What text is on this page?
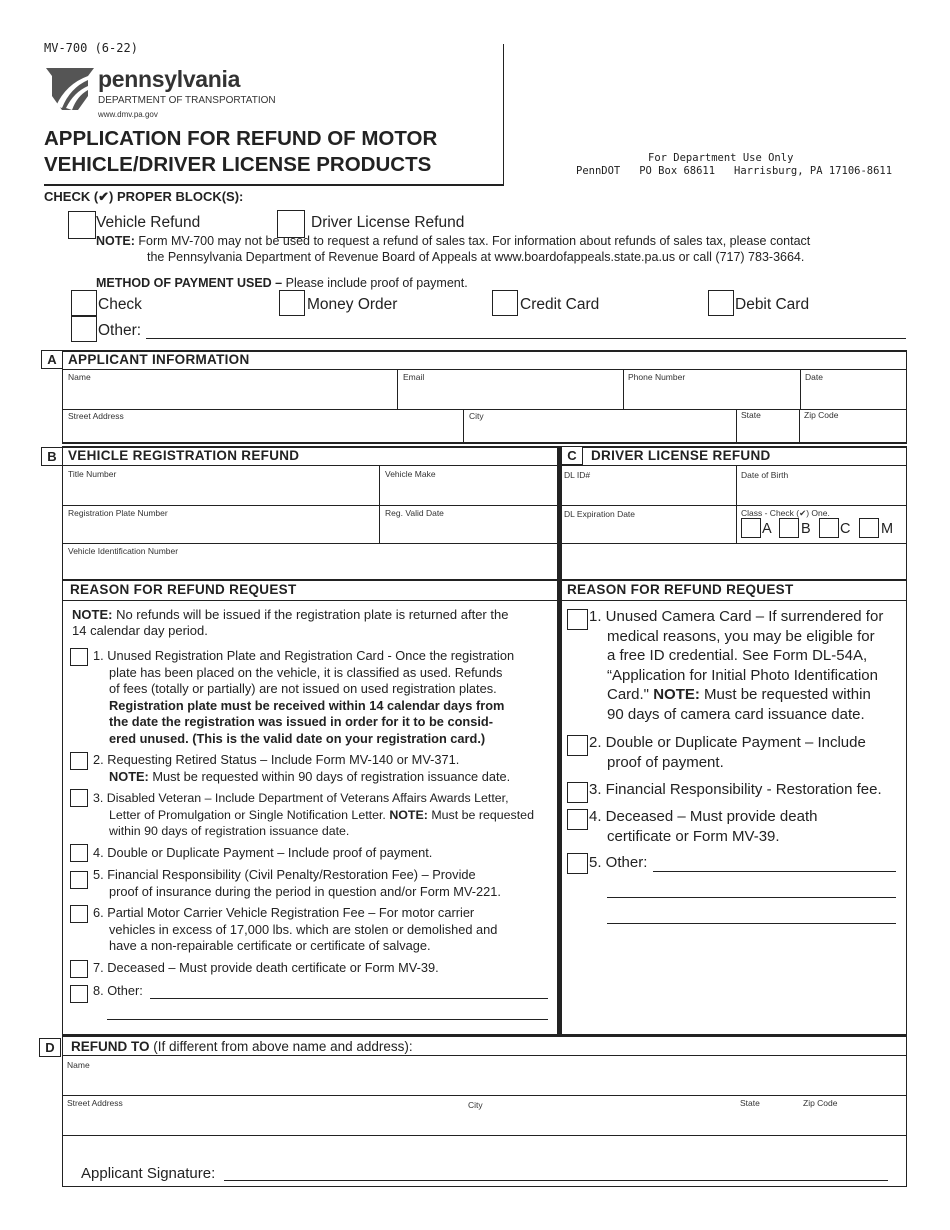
MV-700 (6-22)
pennsylvania
DEPARTMENT OF TRANSPORTATION
www.dmv.pa.gov
APPLICATION FOR REFUND OF MOTOR
VEHICLE/DRIVER LICENSE PRODUCTS	For Department Use Only
PennDOT   PO Box 68611   Harrisburg, PA 17106-8611
CHECK (✔) PROPER BLOCK(S):
Vehicle Refund	Driver License Refund
NOTE: Form MV-700 may not be used to request a refund of sales tax. For information about refunds of sales tax, please contact
the Pennsylvania Department of Revenue Board of Appeals at www.boardofappeals.state.pa.us or call (717) 783-3664.
METHOD OF PAYMENT USED – Please include proof of payment.
Check	Money Order	Credit Card	Debit Card
Other:
A APPLICANT INFORMATION
Name	Email	Phone Number	Date
Street Address	City	State	Zip Code
B VEHICLE REGISTRATION REFUND	C	DRIVER LICENSE REFUND
Title Number	Vehicle Make
Registration Plate Number	Reg. Valid Date
Vehicle Identification Number
DL ID#	Date of Birth
DL Expiration Date	Class - Check (✔) One.
A B C M
REASON FOR REFUND REQUEST	REASON FOR REFUND REQUEST
NOTE: No refunds will be issued if the registration plate is returned after the
14 calendar day period.
1. Unused Registration Plate and Registration Card - Once the registration
plate has been placed on the vehicle, it is classified as used. Refunds
of fees (totally or partially) are not issued on used registration plates.
Registration plate must be received within 14 calendar days from
the date the registration was issued in order for it to be consid-
ered unused. (This is the valid date on your registration card.)
2. Requesting Retired Status – Include Form MV-140 or MV-371.
NOTE: Must be requested within 90 days of registration issuance date.
3. Disabled Veteran – Include Department of Veterans Affairs Awards Letter,
Letter of Promulgation or Single Notification Letter. NOTE: Must be requested
within 90 days of registration issuance date.
4. Double or Duplicate Payment – Include proof of payment.
5. Financial Responsibility (Civil Penalty/Restoration Fee) – Provide
proof of insurance during the period in question and/or Form MV-221.
6. Partial Motor Carrier Vehicle Registration Fee – For motor carrier
vehicles in excess of 17,000 lbs. which are stolen or demolished and
have a non-repairable certificate or certificate of salvage.
7. Deceased – Must provide death certificate or Form MV-39.
8. Other:
1. Unused Camera Card – If surrendered for
medical reasons, you may be eligible for
a free ID credential. See Form DL-54A,
“Application for Initial Photo Identification
Card." NOTE: Must be requested within
90 days of camera card issuance date.
2. Double or Duplicate Payment – Include
proof of payment.
3. Financial Responsibility - Restoration fee.
4. Deceased – Must provide death
certificate or Form MV-39.
5. Other:
D	REFUND TO (If different from above name and address):
Name
Street Address	City	State	Zip Code
Applicant Signature:
